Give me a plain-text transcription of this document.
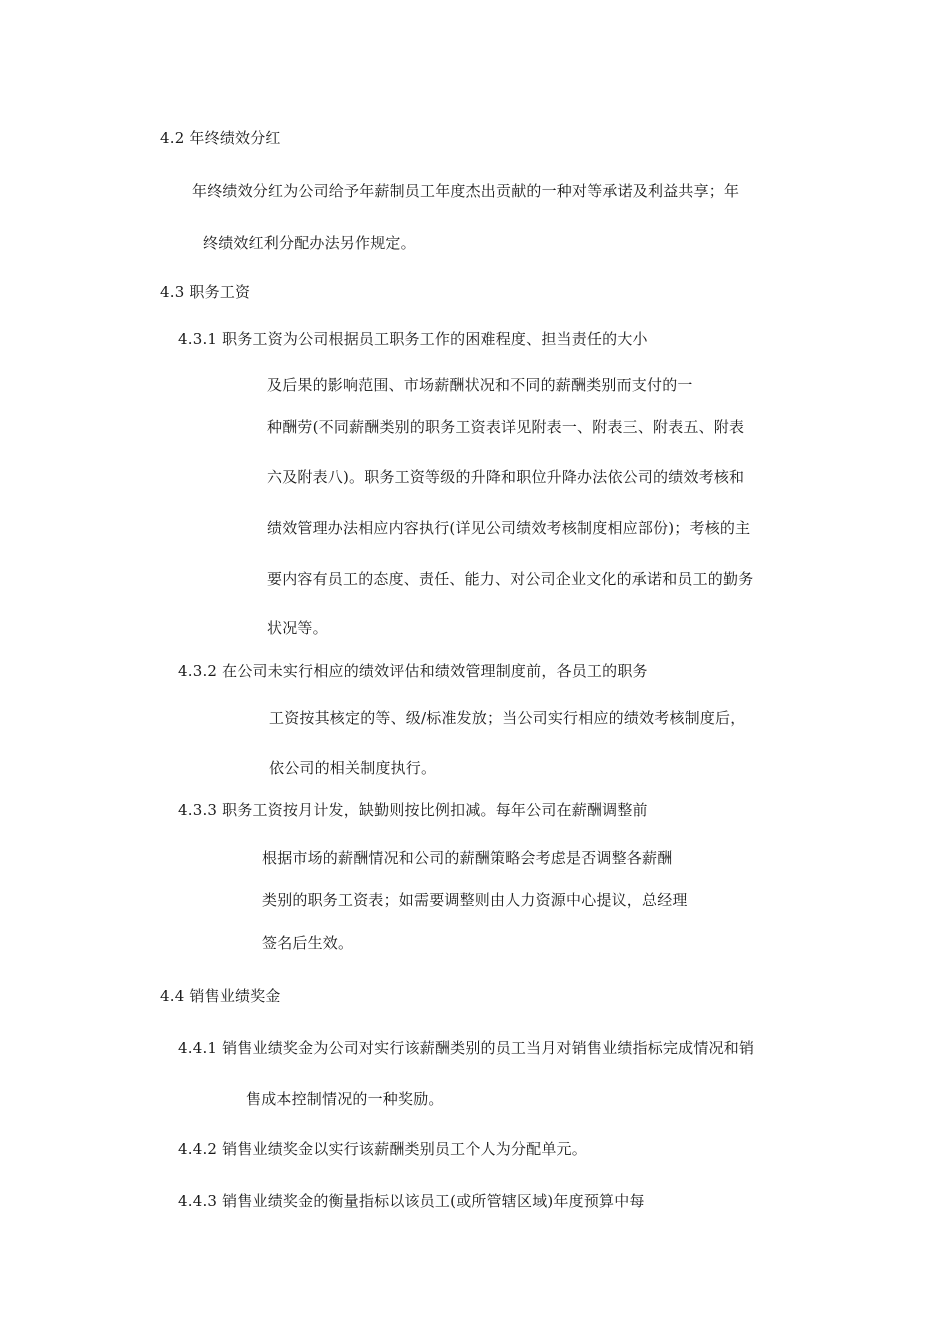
4.2 年终绩效分红
年终绩效分红为公司给予年薪制员工年度杰出贡献的一种对等承诺及利益共享；年
终绩效红利分配办法另作规定。
4.3 职务工资
4.3.1 职务工资为公司根据员工职务工作的困难程度、担当责任的大小
及后果的影响范围、市场薪酬状况和不同的薪酬类别而支付的一
种酬劳(不同薪酬类别的职务工资表详见附表一、附表三、附表五、附表
六及附表八)。职务工资等级的升降和职位升降办法依公司的绩效考核和
绩效管理办法相应内容执行(详见公司绩效考核制度相应部份)；考核的主
要内容有员工的态度、责任、能力、对公司企业文化的承诺和员工的勤务
状况等。
4.3.2 在公司未实行相应的绩效评估和绩效管理制度前，各员工的职务
工资按其核定的等、级/标准发放；当公司实行相应的绩效考核制度后，
依公司的相关制度执行。
4.3.3 职务工资按月计发，缺勤则按比例扣减。每年公司在薪酬调整前
根据市场的薪酬情况和公司的薪酬策略会考虑是否调整各薪酬
类别的职务工资表；如需要调整则由人力资源中心提议，总经理
签名后生效。
4.4 销售业绩奖金
4.4.1 销售业绩奖金为公司对实行该薪酬类别的员工当月对销售业绩指标完成情况和销
售成本控制情况的一种奖励。
4.4.2 销售业绩奖金以实行该薪酬类别员工个人为分配单元。
4.4.3 销售业绩奖金的衡量指标以该员工(或所管辖区域)年度预算中每
